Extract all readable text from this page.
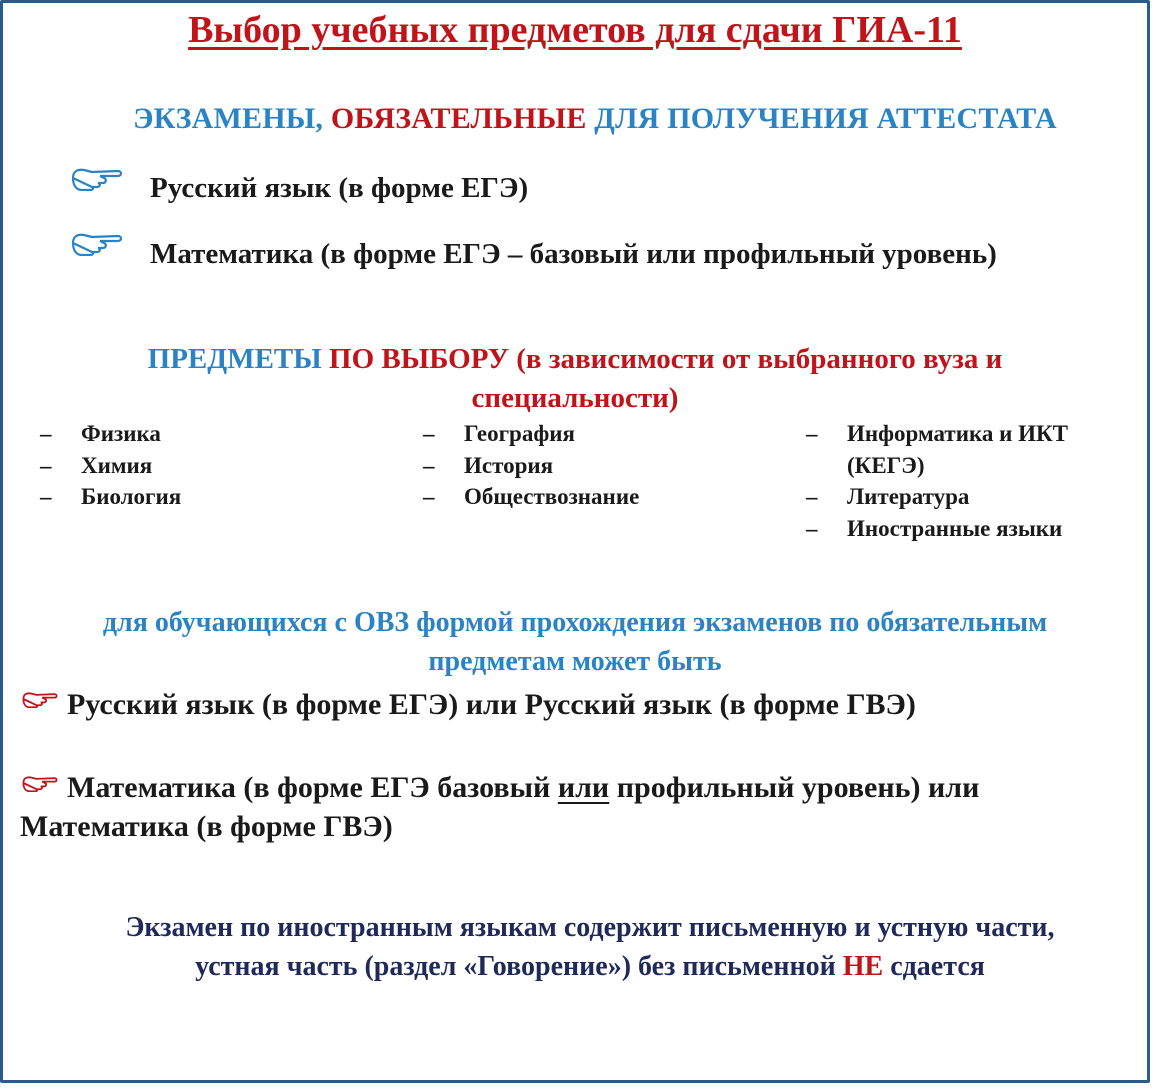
Выбор учебных предметов для сдачи ГИА-11
ЭКЗАМЕНЫ, ОБЯЗАТЕЛЬНЫЕ ДЛЯ ПОЛУЧЕНИЯ АТТЕСТАТА
Русский язык (в форме ЕГЭ)
Математика (в форме ЕГЭ – базовый или профильный уровень)
ПРЕДМЕТЫ ПО ВЫБОРУ (в зависимости от выбранного вуза и
специальности)
– Физика
– Химия
– Биология
– География
– История
– Обществознание
– Информатика и ИКТ (КЕГЭ)
– Литература
– Иностранные языки
для обучающихся с ОВЗ формой прохождения экзаменов по обязательным
предметам может быть
Русский язык (в форме ЕГЭ) или Русский язык (в форме ГВЭ)
Математика (в форме ЕГЭ базовый или профильный уровень) или
Математика (в форме ГВЭ)
Экзамен по иностранным языкам содержит письменную и устную части,
устная часть (раздел «Говорение») без письменной НЕ сдается
